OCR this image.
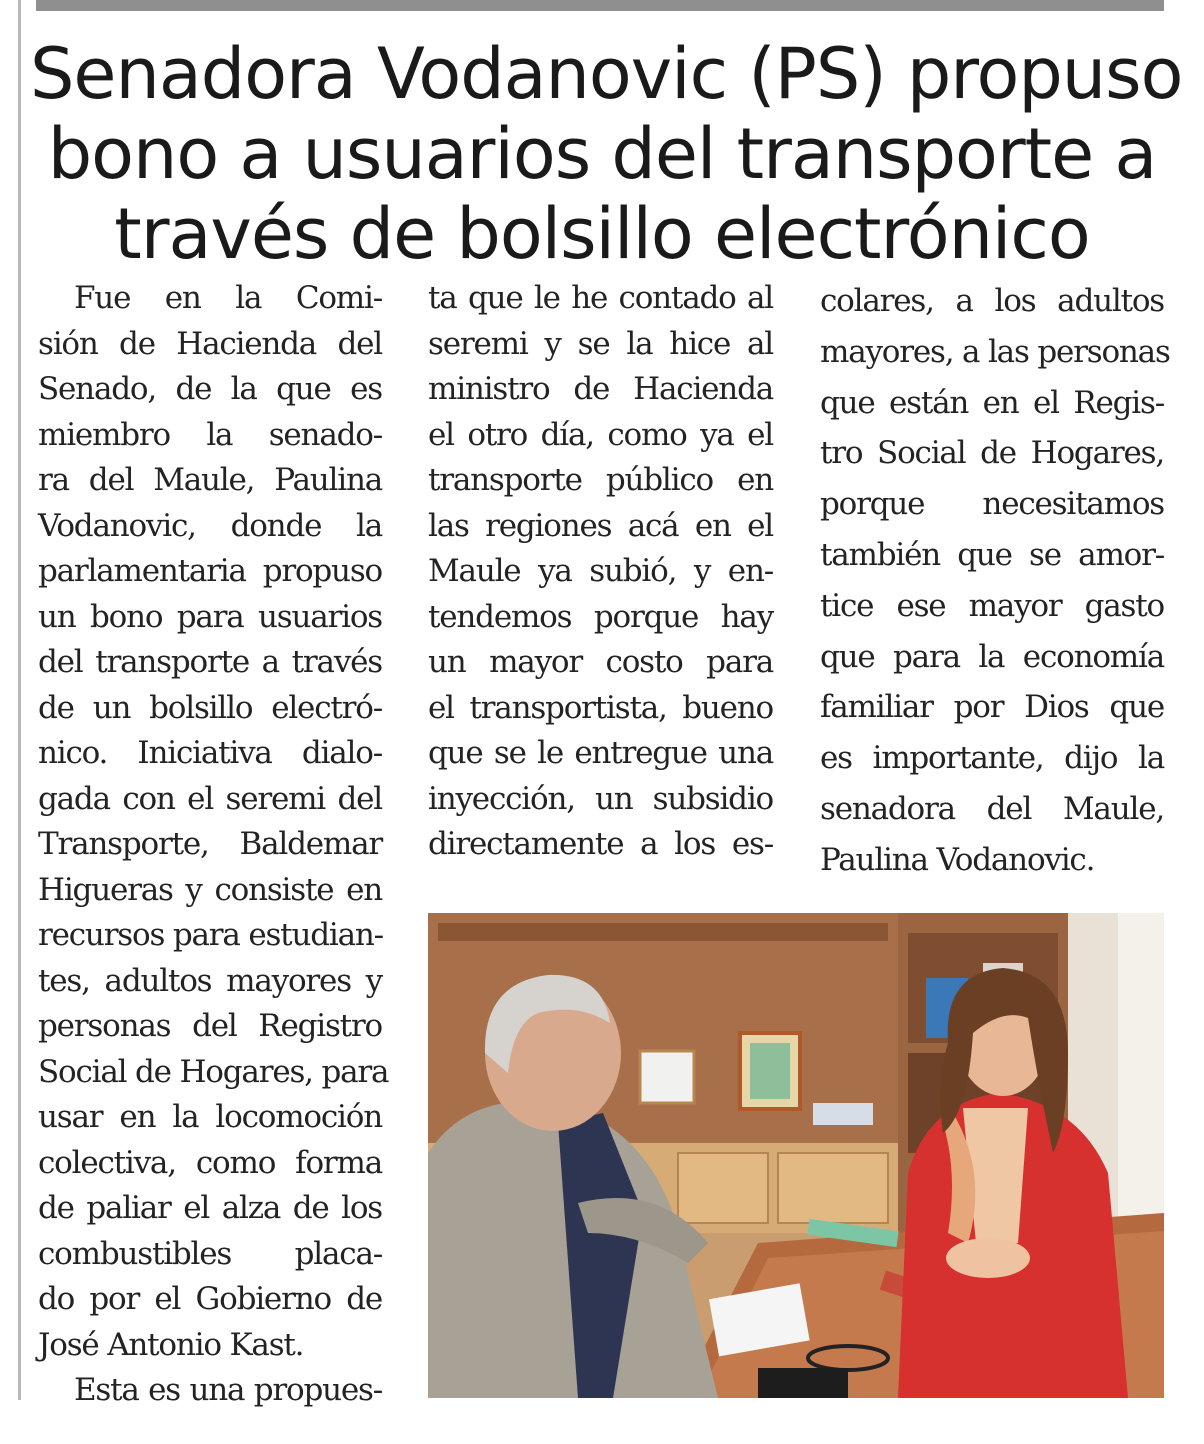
Senadora Vodanovic (PS) propuso
bono a usuarios del transporte a
través de bolsillo electrónico
Fue en la Comi-
sión de Hacienda del
Senado, de la que es
miembro la senado-
ra del Maule, Paulina
Vodanovic, donde la
parlamentaria propuso
un bono para usuarios
del transporte a través
de un bolsillo electró-
nico. Iniciativa dialo-
gada con el seremi del
Transporte, Baldemar
Higueras y consiste en
recursos para estudian-
tes, adultos mayores y
personas del Registro
Social de Hogares, para
usar en la locomoción
colectiva, como forma
de paliar el alza de los
combustibles placa-
do por el Gobierno de
José Antonio Kast.
Esta es una propues-
ta que le he contado al
seremi y se la hice al
ministro de Hacienda
el otro día, como ya el
transporte público en
las regiones acá en el
Maule ya subió, y en-
tendemos porque hay
un mayor costo para
el transportista, bueno
que se le entregue una
inyección, un subsidio
directamente a los es-
colares, a los adultos
mayores, a las personas
que están en el Regis-
tro Social de Hogares,
porque necesitamos
también que se amor-
tice ese mayor gasto
que para la economía
familiar por Dios que
es importante, dijo la
senadora del Maule,
Paulina Vodanovic.
